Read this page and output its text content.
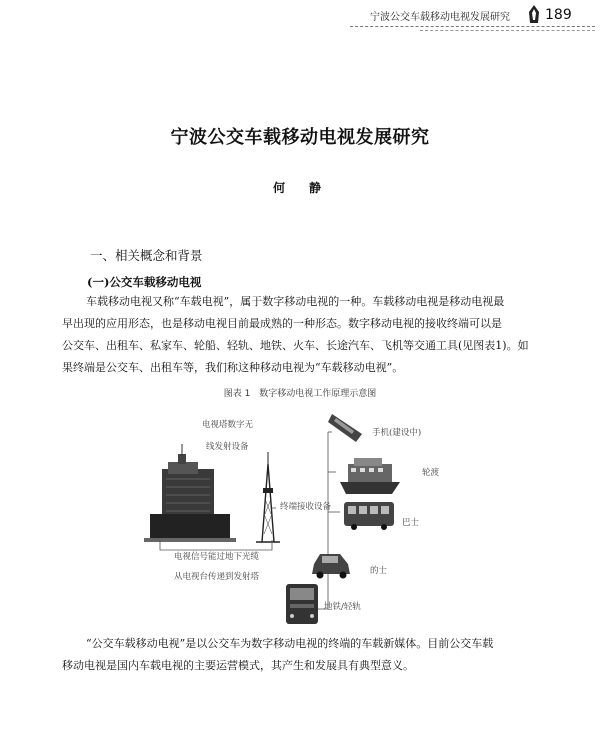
宁波公交车载移动电视发展研究	189
宁波公交车载移动电视发展研究
何　静
一、相关概念和背景
(一)公交车载移动电视
车载移动电视又称“车载电视”，属于数字移动电视的一种。车载移动电视是移动电视最
早出现的应用形态，也是移动电视目前最成熟的一种形态。数字移动电视的接收终端可以是
公交车、出租车、私家车、轮船、轻轨、地铁、火车、长途汽车、飞机等交通工具(见图表1)。如
果终端是公交车、出租车等，我们称这种移动电视为“车载移动电视”。
图表 1　数字移动电视工作原理示意图
电视塔数字无
线发射设备
终端接收设备
电视信号能过地下光缆
从电视台传递到发射塔
手机(建设中)
轮渡
巴士
的士
地铁/轻轨
“公交车载移动电视”是以公交车为数字移动电视的终端的车载新媒体。目前公交车载
移动电视是国内车载电视的主要运营模式，其产生和发展具有典型意义。
